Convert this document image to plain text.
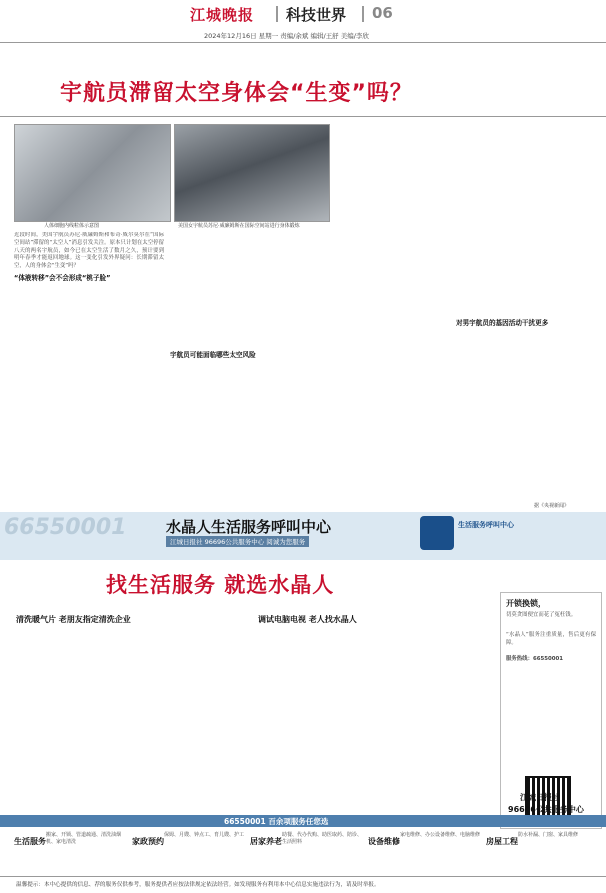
江城晚报 科技世界 06
2024年12月16日 星期一 责编/余斌 编辑/王舒 美编/李欣
宇航员滞留太空身体会“生变”吗？
人体细胞内线粒体示意图	美国女宇航员苏尼·威廉姆斯在国际空间站进行身体锻炼
近段时间，美国宇航员苏尼·威廉姆斯和布奇·威尔莫尔在“国际空间站”滞留的“太空人”消息引发关注。原本只计划在太空停留八天的两名宇航员，如今已在太空生活了数月之久，预计要到明年春季才能返回地球。这一变化引发外界疑问：长期滞留太空，人的身体会“生变”吗？
“体液转移”会不会形成“桃子脸”
宇航员可能面临哪些太空风险
对男宇航员的基因活动干扰更多
据《央视新闻》
66550001	水晶人生活服务呼叫中心
江城日报社 96696公共服务中心 阅诚为您服务
生活服务呼叫中心
找生活服务 就选水晶人
清洗暖气片 老朋友指定清洗企业	调试电脑电视 老人找水晶人
开锁换锁，
切莫贪图便宜而花了冤枉钱。
“水晶人”服务注重质量，售后更有保障。
服务热线：66550001
江城日报社
96696公共服务中心
66550001 百余项服务任您选
生活服务
搬家、开锁、管道疏通、清洗油烟机、家电清洗	家政预约
保姆、月嫂、钟点工、育儿嫂、护工
居家养老
助餐、代办代购、助医取药、陪诊、生活照料	设备维修
家电维修、办公设备维修、电脑维修
房屋工程
防水补漏、门窗、家具维修
温馨提示：本中心提供的信息、荐的服务仅供参考，服务提供者应按法律规定依法经营。如发现服务有利用本中心信息实施违法行为，请及时举报。
